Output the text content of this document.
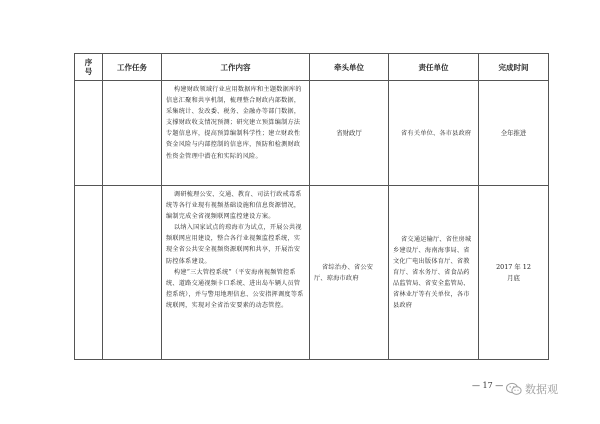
序号	工作任务	工作内容	牵头单位	责任单位	完成时间
		构建财政领域行业应用数据库和主题数据库的信息汇聚和共享机制，梳理整合财政内部数据，采集统计、发改委、税务、金融办等部门数据，支撑财政收支情况预测；研究建立预算编制方法专题信息库，提高预算编制科学性；建立财政性资金风险与内部控制的信息库，预防和检测财政性资金管理中潜在和实际的风险。	省财政厅	省有关单位、各市县政府	全年推进

		调研梳理公安、交通、教育、司法行政戒毒系统等各行业现有视频基础设施和信息资源情况，编制完成全省视频联网监控建设方案。
以纳入国家试点的琼海市为试点，开展公共视频联网应用建设，整合各行业视频监控系统，实现全省公共安全视频资源联网和共享，开展治安防控体系建设。
构建“三大管控系统”（平安海南视频管控系统、道路交通视频卡口系统、进出岛车辆人员管控系统），并与警用地理信息、公安指挥调度等系统联网，实现对全省治安要素的动态管控。	省综治办、省公安厅、琼海市政府	省交通运输厅、省住房城乡建设厅、海南海事局、省文化广电出版体育厅、省教育厅、省水务厅、省食品药品监管局、省安全监管局、省林业厅等有关单位，各市县政府	2017 年 12
月底
— 17 — 数据观
